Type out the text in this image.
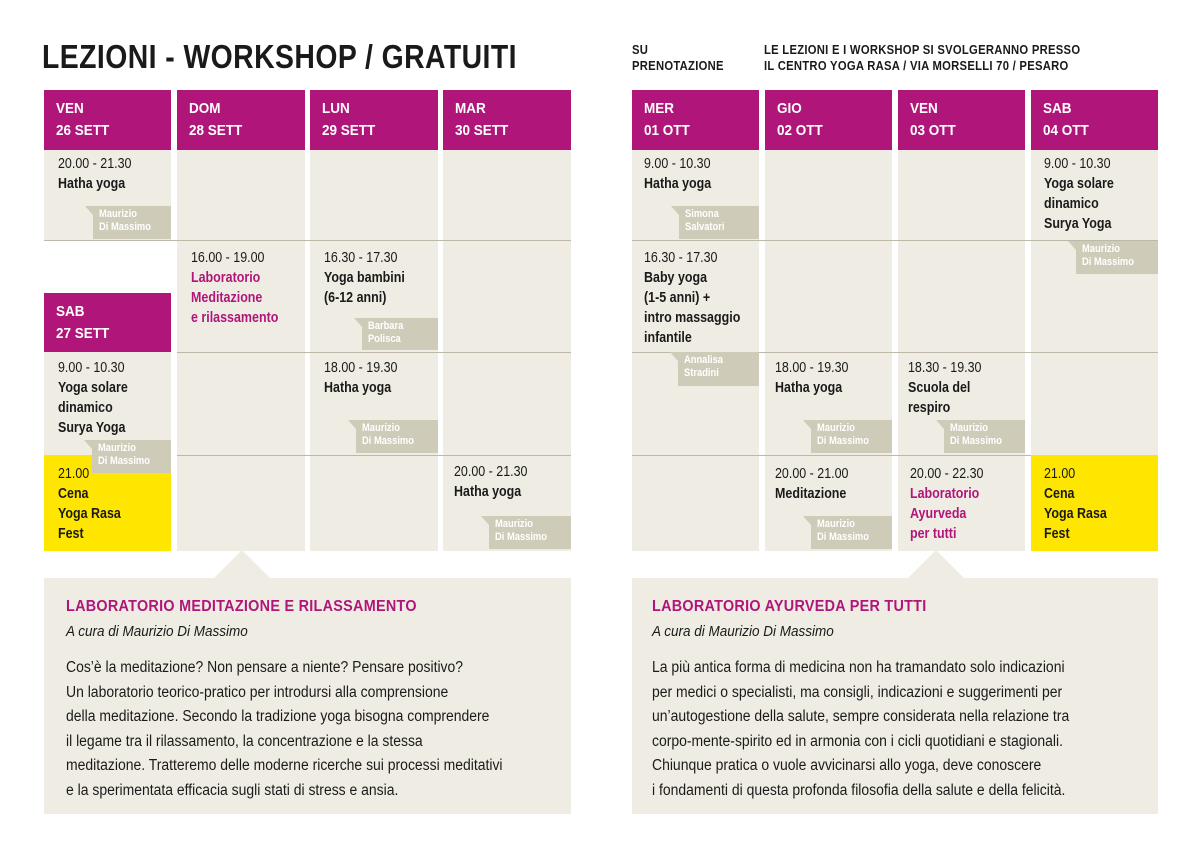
LEZIONI - WORKSHOP / GRATUITI	SU
PRENOTAZIONE
LE LEZIONI E I WORKSHOP SI SVOLGERANNO PRESSO
IL CENTRO YOGA RASA / VIA MORSELLI 70 / PESARO
VEN
26 SETT
DOM
28 SETT
LUN
29 SETT
MAR
30 SETT
SAB
27 SETT
20.00 - 21.30
Hatha yoga
Maurizio
Di Massimo
16.00 - 19.00
Laboratorio
Meditazione
e rilassamento
16.30 - 17.30
Yoga bambini
(6-12 anni)
Barbara
Polisca
9.00 - 10.30
Yoga solare
dinamico
Surya Yoga
Maurizio
Di Massimo
18.00 - 19.30
Hatha yoga
Maurizio
Di Massimo
21.00
Cena
Yoga Rasa
Fest
20.00 - 21.30
Hatha yoga
Maurizio
Di Massimo
MER
01 OTT
GIO
02 OTT
VEN
03 OTT
SAB
04 OTT
9.00 - 10.30
Hatha yoga
Simona
Salvatori
9.00 - 10.30
Yoga solare
dinamico
Surya Yoga
Maurizio
Di Massimo
16.30 - 17.30
Baby yoga
(1-5 anni) +
intro massaggio
infantile
Annalisa
Stradini	18.00 - 19.30
Hatha yoga
Maurizio
Di Massimo
18.30 - 19.30
Scuola del
respiro
Maurizio
Di Massimo
20.00 - 21.00
Meditazione
Maurizio
Di Massimo
20.00 - 22.30
Laboratorio
Ayurveda
per tutti
21.00
Cena
Yoga Rasa
Fest
LABORATORIO MEDITAZIONE E RILASSAMENTO
A cura di Maurizio Di Massimo
Cos’è la meditazione? Non pensare a niente? Pensare positivo?
Un laboratorio teorico-pratico per introdursi alla comprensione
della meditazione. Secondo la tradizione yoga bisogna comprendere
il legame tra il rilassamento, la concentrazione e la stessa
meditazione. Tratteremo delle moderne ricerche sui processi meditativi
e la sperimentata efficacia sugli stati di stress e ansia.
LABORATORIO AYURVEDA PER TUTTI
A cura di Maurizio Di Massimo
La più antica forma di medicina non ha tramandato solo indicazioni
per medici o specialisti, ma consigli, indicazioni e suggerimenti per
un’autogestione della salute, sempre considerata nella relazione tra
corpo-mente-spirito ed in armonia con i cicli quotidiani e stagionali.
Chiunque pratica o vuole avvicinarsi allo yoga, deve conoscere
i fondamenti di questa profonda filosofia della salute e della felicità.
